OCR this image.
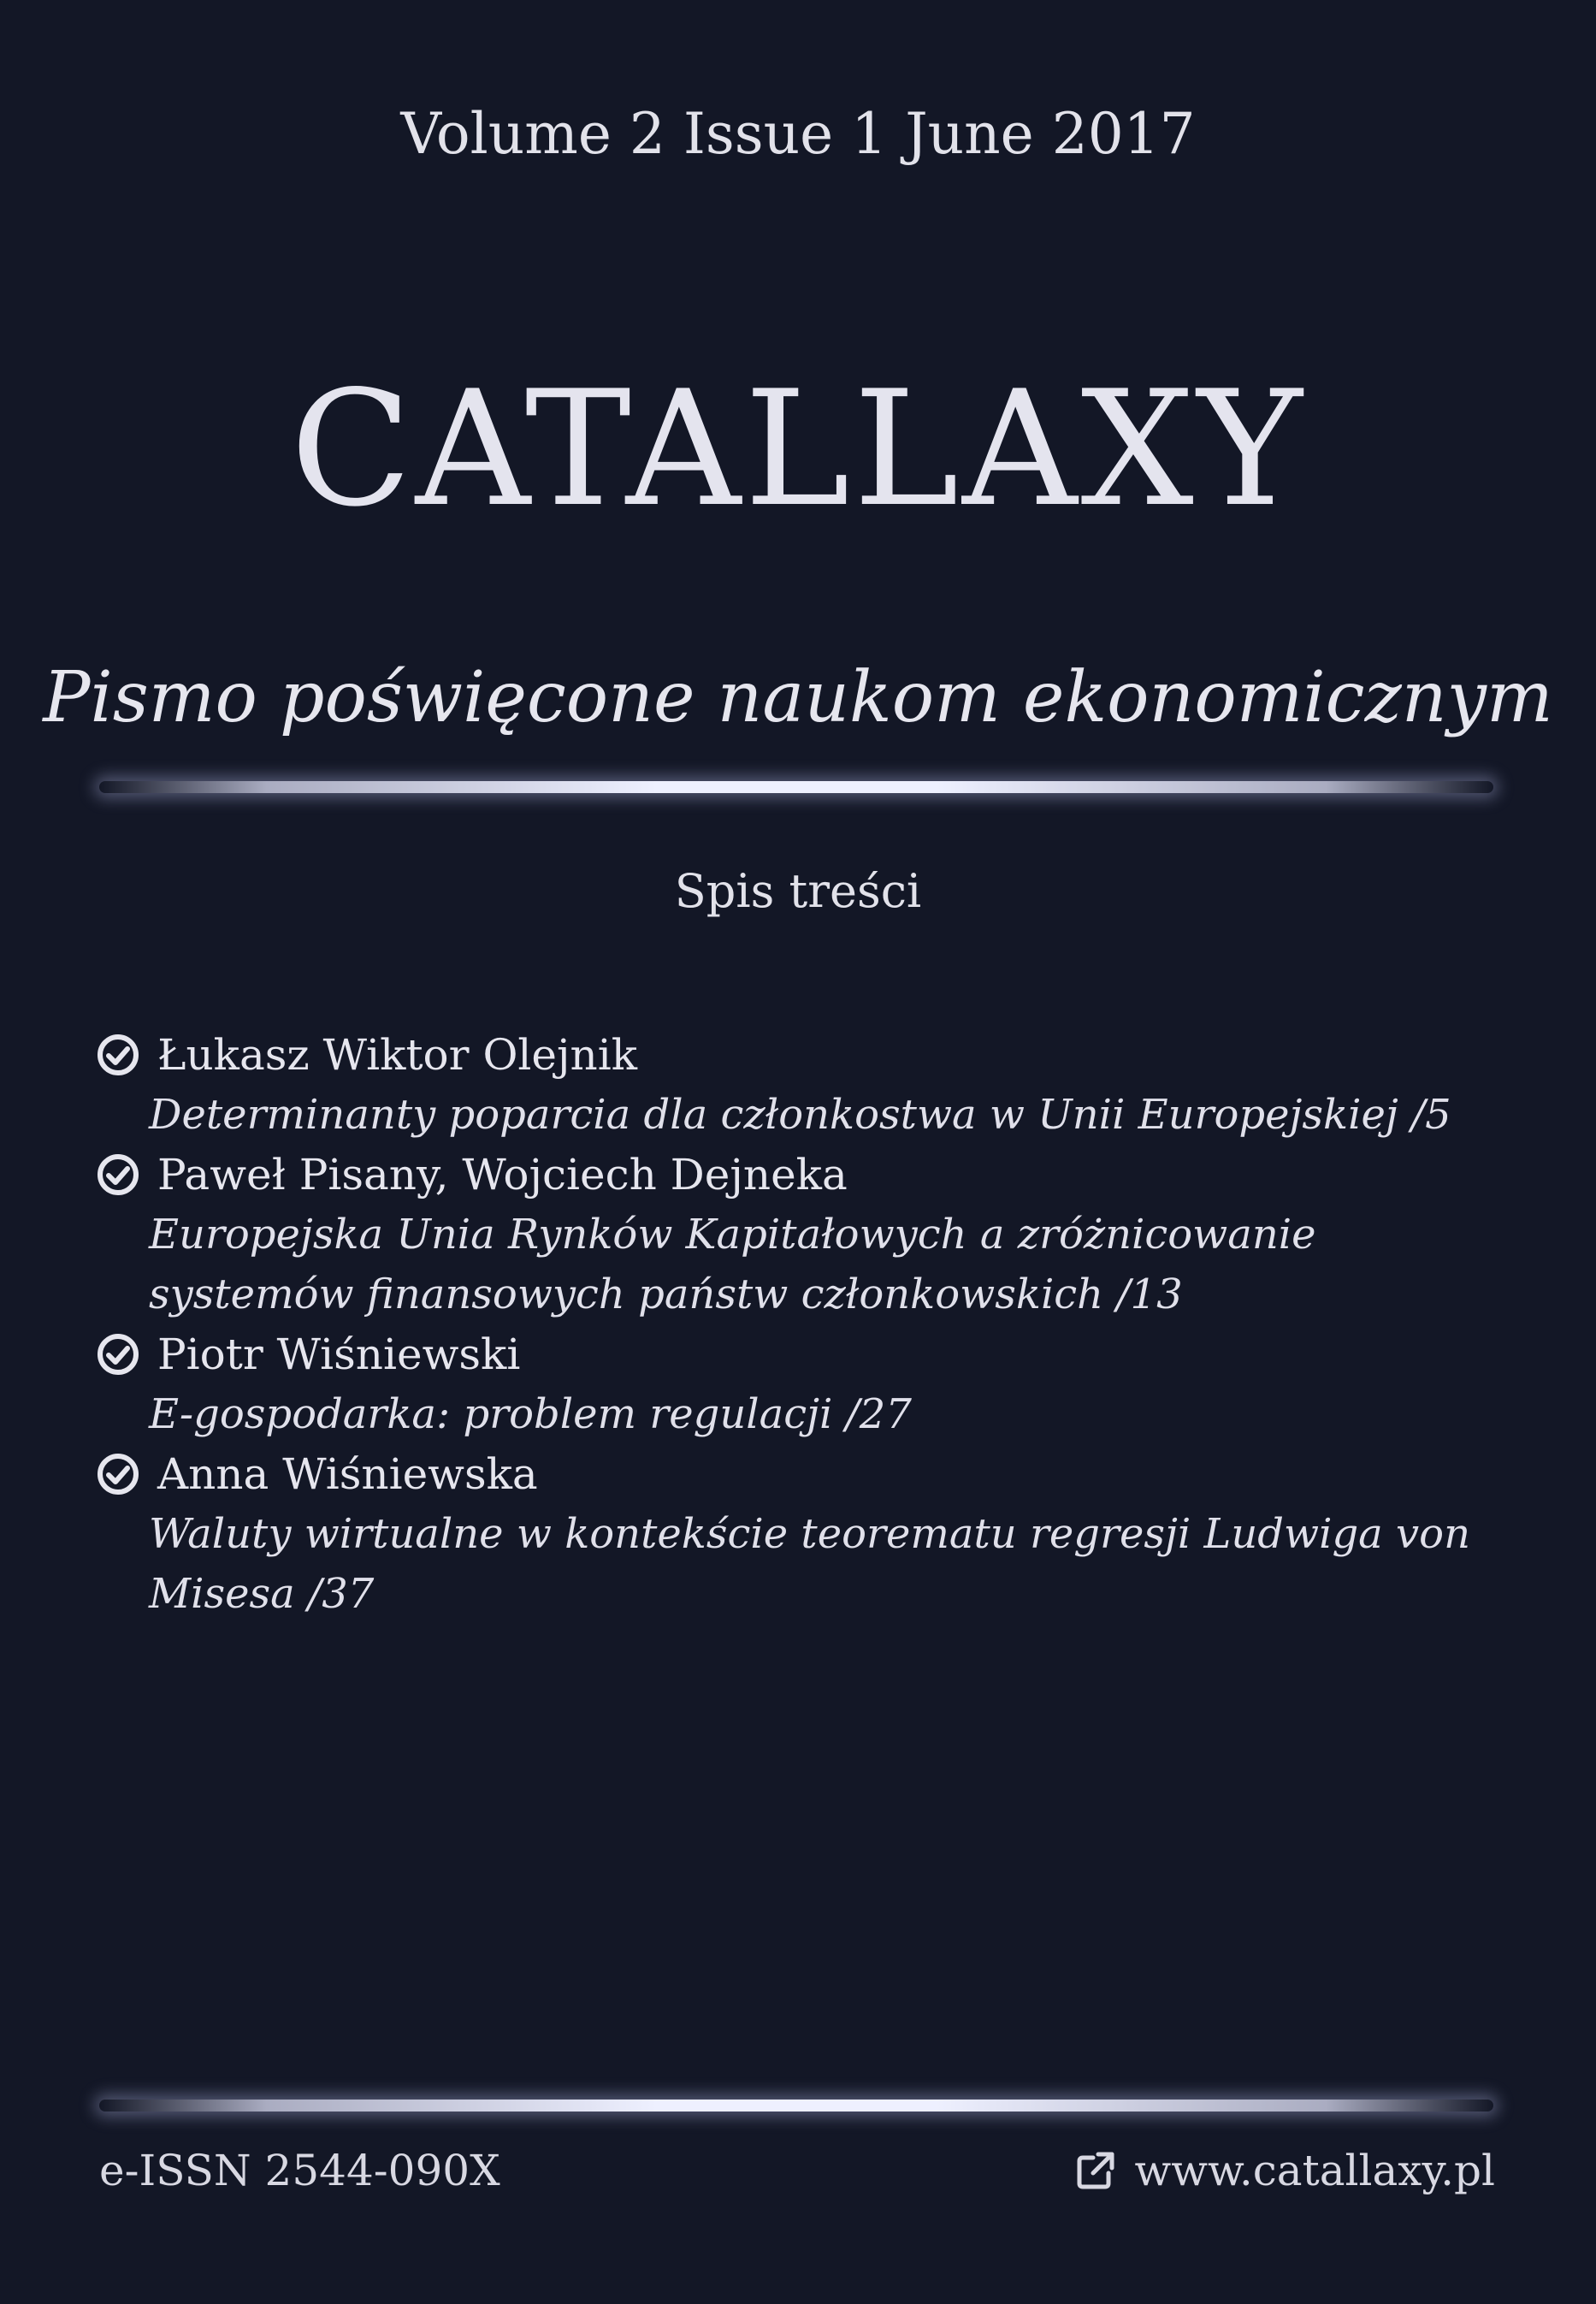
Volume 2 Issue 1 June 2017
CATALLAXY
Pismo poświęcone naukom ekonomicznym
Spis treści
Łukasz Wiktor Olejnik
Determinanty poparcia dla członkostwa w Unii Europejskiej /5
Paweł Pisany, Wojciech Dejneka
Europejska Unia Rynków Kapitałowych a zróżnicowanie systemów finansowych państw członkowskich /13
Piotr Wiśniewski
E-gospodarka: problem regulacji /27
Anna Wiśniewska
Waluty wirtualne w kontekście teorematu regresji Ludwiga von Misesa /37
e-ISSN 2544-090X	www.catallaxy.pl
